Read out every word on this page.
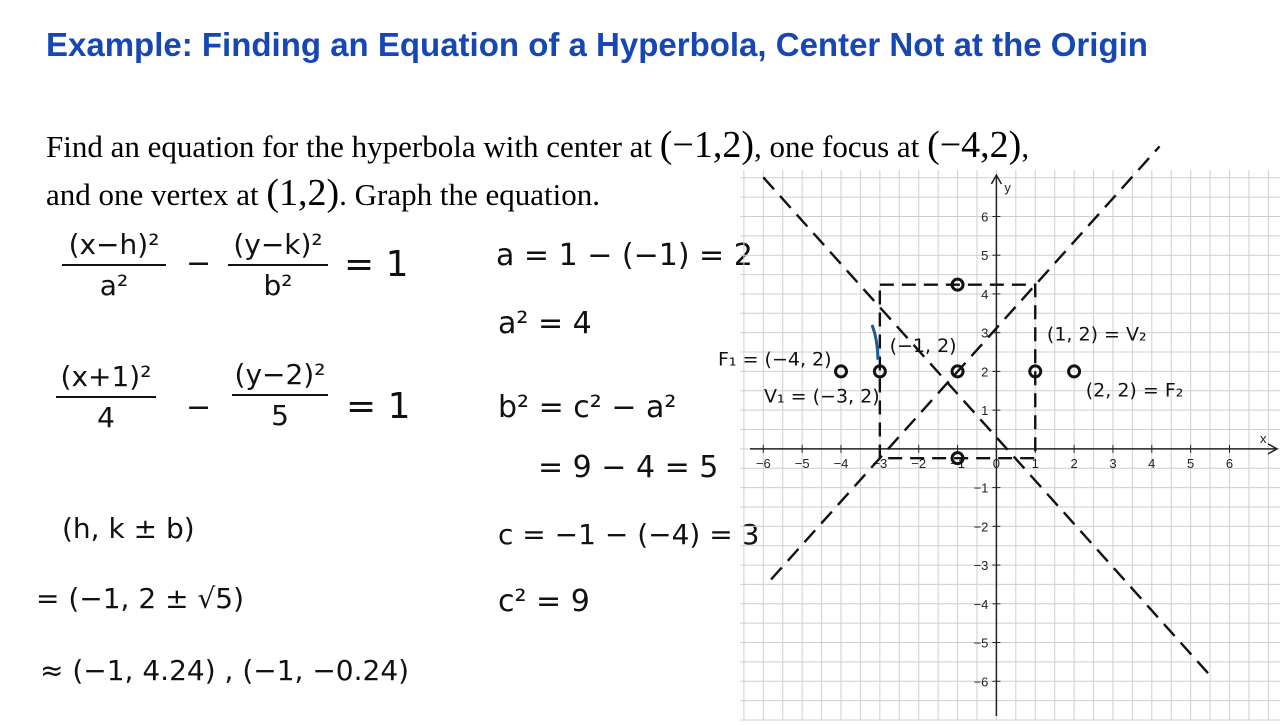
Example: Finding an Equation of a Hyperbola, Center Not at the Origin
Find an equation for the hyperbola with center at (−1,2), one focus at (−4,2),
and one vertex at (1,2). Graph the equation.
(x−h)²
a²
−
(y−k)²
b²
= 1
(x+1)²
4 −
(y−2)²
5 = 1
a = 1 − (−1) = 2
a² = 4
b² = c² − a²
= 9 − 4 = 5
c = −1 − (−4) = 3
c² = 9
(h, k ± b)
= (−1, 2 ± √5)
≈ (−1, 4.24) , (−1, −0.24)
x
y
−6 −5 −4 −3 −2 −1 0 1 2 3 4 5 6
−6
−5
−4
−3
−2
−1
1
2
3
4
5
6
F₁ = (−4, 2)
V₁ = (−3, 2)
(−1, 2)
(1, 2) = V₂
(2, 2) = F₂
